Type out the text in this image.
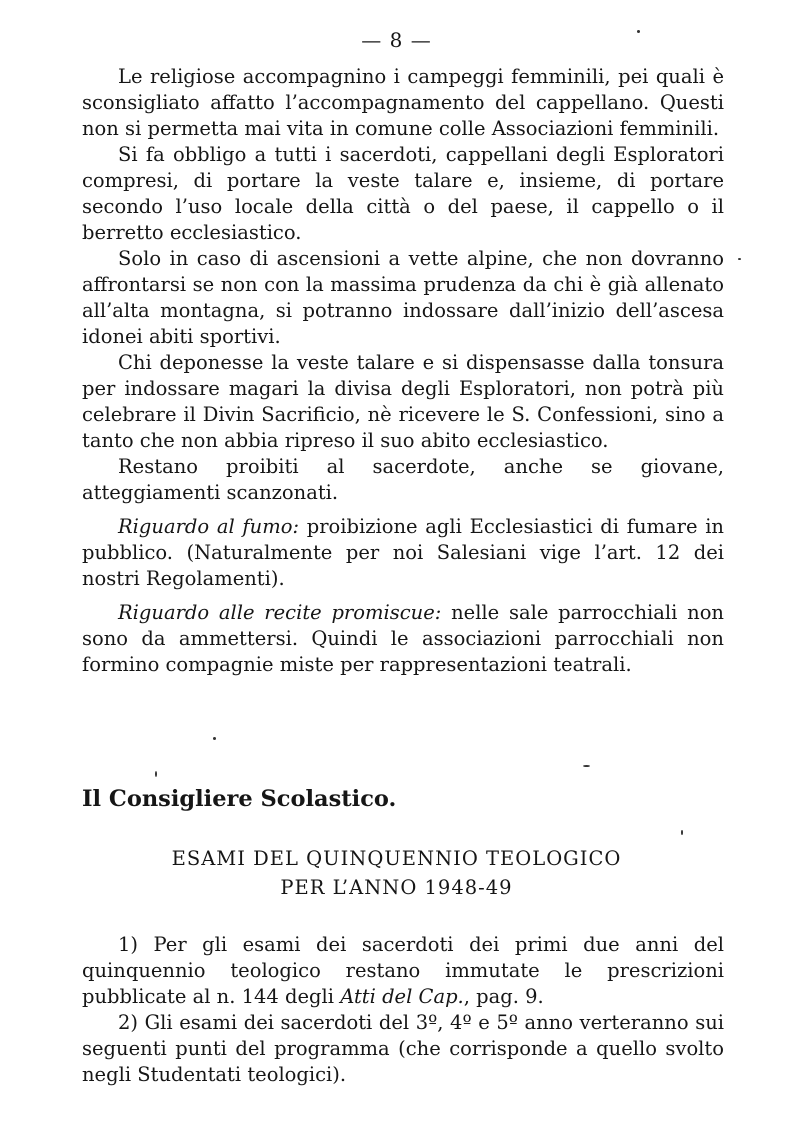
— 8 —

Le religiose accompagnino i campeggi femminili, pei quali è sconsigliato affatto l’accompagnamento del cappellano. Questi non si permetta mai vita in comune colle Associazioni femminili.

Si fa obbligo a tutti i sacerdoti, cappellani degli Esploratori compresi, di portare la veste talare e, insieme, di portare secondo l’uso locale della città o del paese, il cappello o il berretto ecclesiastico.

Solo in caso di ascensioni a vette alpine, che non dovranno affrontarsi se non con la massima prudenza da chi è già allenato all’alta montagna, si potranno indossare dall’inizio dell’ascesa idonei abiti sportivi.

Chi deponesse la veste talare e si dispensasse dalla tonsura per indossare magari la divisa degli Esploratori, non potrà più celebrare il Divin Sacrificio, nè ricevere le S. Confessioni, sino a tanto che non abbia ripreso il suo abito ecclesiastico.

Restano proibiti al sacerdote, anche se giovane, atteggiamenti scanzonati.

Riguardo al fumo: proibizione agli Ecclesiastici di fumare in pubblico. (Naturalmente per noi Salesiani vige l’art. 12 dei nostri Regolamenti).

Riguardo alle recite promiscue: nelle sale parrocchiali non sono da ammettersi. Quindi le associazioni parrocchiali non formino compagnie miste per rappresentazioni teatrali.

Il Consigliere Scolastico.
ESAMI DEL QUINQUENNIO TEOLOGICO
PER L’ANNO 1948-49

1) Per gli esami dei sacerdoti dei primi due anni del quinquennio teologico restano immutate le prescrizioni pubblicate al n. 144 degli Atti del Cap., pag. 9.

2) Gli esami dei sacerdoti del 3º, 4º e 5º anno verteranno sui seguenti punti del programma (che corrisponde a quello svolto negli Studentati teologici).
